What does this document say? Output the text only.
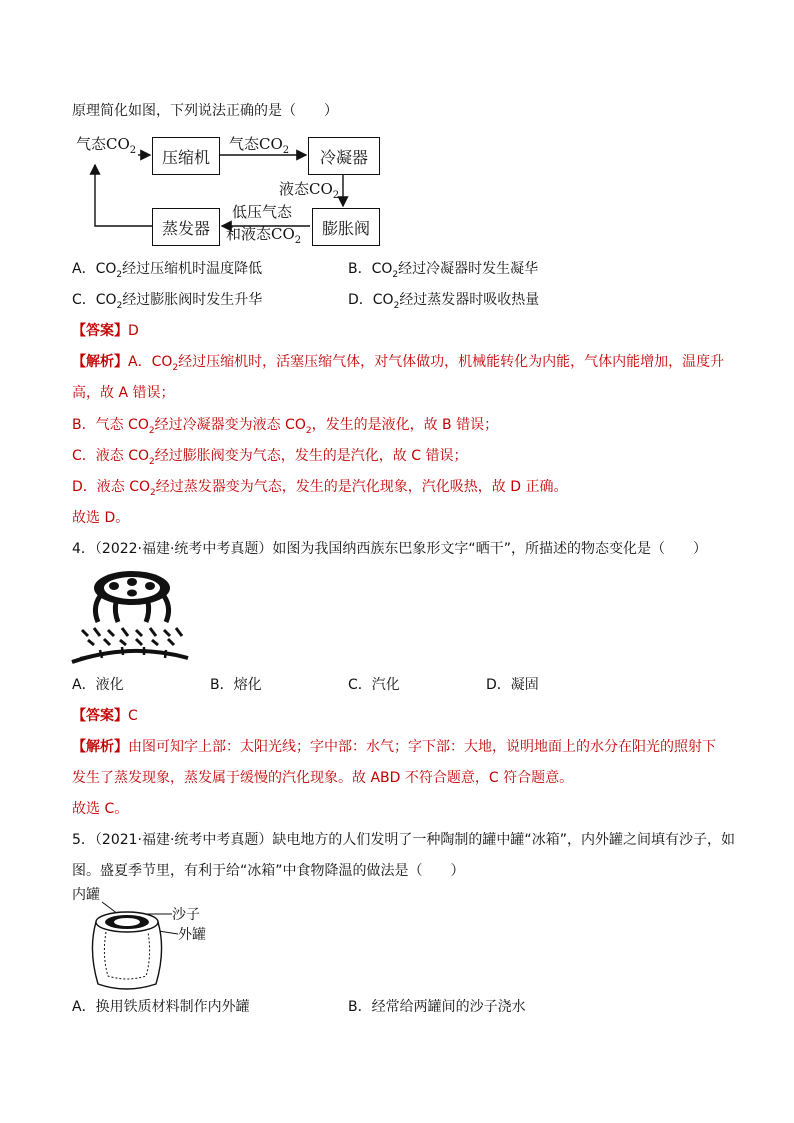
原理简化如图，下列说法正确的是（　　）
气态$CO_2$ 压缩机
气态$CO_2$ 冷凝器
液态$CO_2$
膨胀阀
低压气态
和液态$CO_2$
蒸发器
A．$CO_2$经过压缩机时温度降低	B．$CO_2$经过冷凝器时发生凝华
C．$CO_2$经过膨胀阀时发生升华	D．$CO_2$经过蒸发器时吸收热量
【答案】D
【解析】A．$CO_2$经过压缩机时，活塞压缩气体，对气体做功，机械能转化为内能，气体内能增加，温度升
高，故 A 错误；
B．气态 $CO_2$经过冷凝器变为液态 $CO_2$，发生的是液化，故 B 错误；
C．液态 $CO_2$经过膨胀阀变为气态，发生的是汽化，故 C 错误；
D．液态 $CO_2$经过蒸发器变为气态，发生的是汽化现象，汽化吸热，故 D 正确。
故选 D。
4．（2022·福建·统考中考真题）如图为我国纳西族东巴象形文字“晒干”，所描述的物态变化是（　　）
A．液化	B．熔化	C．汽化	D．凝固
【答案】C
【解析】由图可知字上部：太阳光线；字中部：水气；字下部：大地，说明地面上的水分在阳光的照射下
发生了蒸发现象，蒸发属于缓慢的汽化现象。故 ABD 不符合题意，C 符合题意。
故选 C。
5．（2021·福建·统考中考真题）缺电地方的人们发明了一种陶制的罐中罐“冰箱”，内外罐之间填有沙子，如
图。盛夏季节里，有利于给“冰箱”中食物降温的做法是（　　）
内罐
沙子
外罐
A．换用铁质材料制作内外罐	B．经常给两罐间的沙子浇水
